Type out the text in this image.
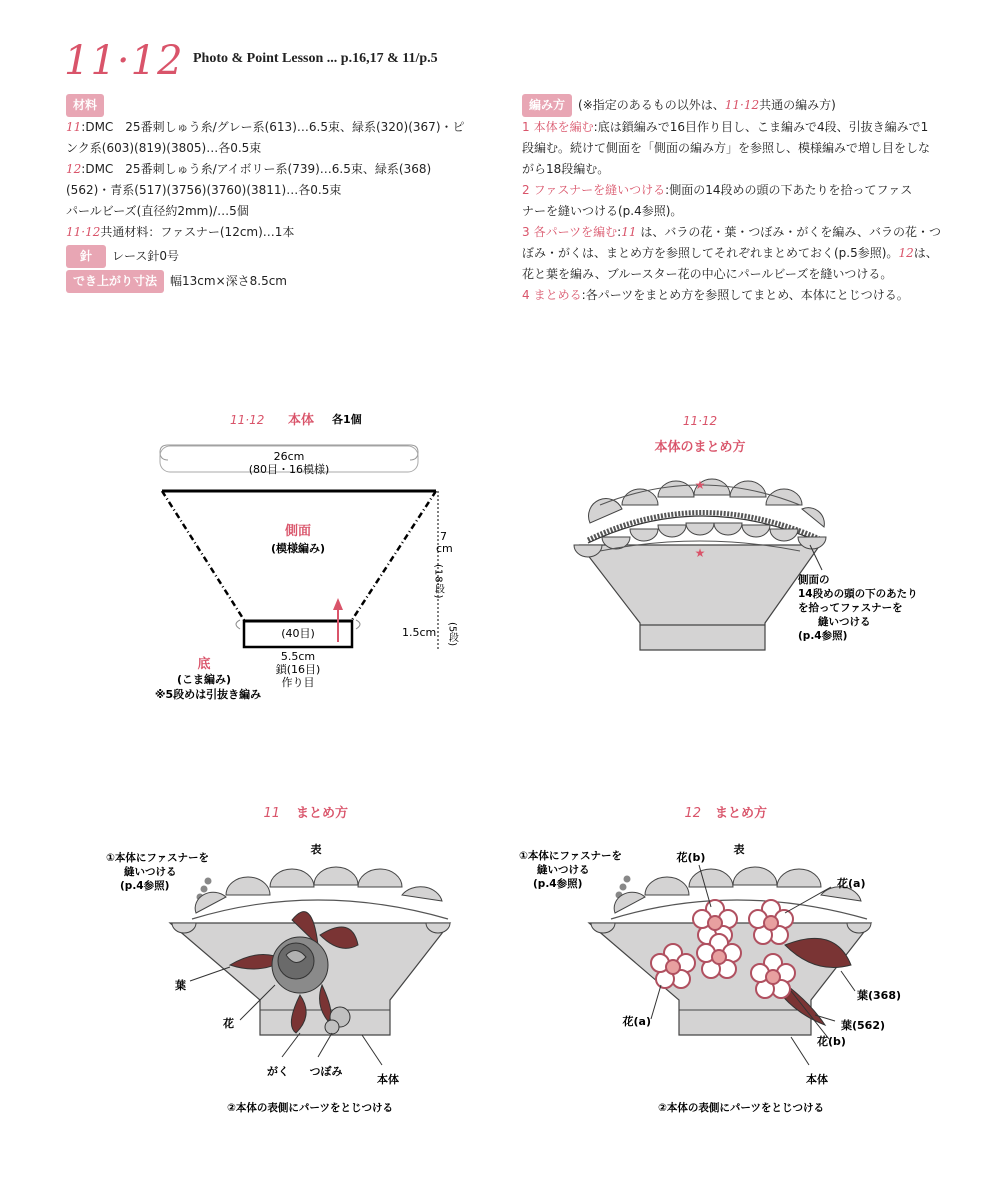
11·12 Photo & Point Lesson ... p.16,17 & 11/p.5
材料
11:DMC　25番刺しゅう糸/グレー系(613)…6.5束、緑系(320)(367)・ピ
ンク系(603)(819)(3805)…各0.5束
12:DMC　25番刺しゅう糸/アイボリー系(739)…6.5束、緑系(368)
(562)・青系(517)(3756)(3760)(3811)…各0.5束
パールビーズ(直径約2mm)/…5個
11·12共通材料：ファスナー(12cm)…1本
針 レース針0号
でき上がり寸法 幅13cm×深さ8.5cm
編み方 (※指定のあるもの以外は、11·12共通の編み方)
1 本体を編む:底は鎖編みで16目作り目し、こま編みで4段、引抜き編みで1
段編む。続けて側面を「側面の編み方」を参照し、模様編みで増し目をしな
がら18段編む。
2 ファスナーを縫いつける:側面の14段めの頭の下あたりを拾ってファス
ナーを縫いつける(p.4参照)。
3 各パーツを編む:11 は、バラの花・葉・つぼみ・がくを編み、バラの花・つ
ぼみ・がくは、まとめ方を参照してそれぞれまとめておく(p.5参照)。12は、
花と葉を編み、ブルースター花の中心にパールビーズを縫いつける。
4 まとめる:各パーツをまとめ方を参照してまとめ、本体にとじつける。
11·12 本体 各1個
26cm
(80目・16模様)
側面
(模様編み)
(40目)
7
cm
(18段)
1.5cm (5段)
5.5cm
鎖(16目)
作り目
底
(こま編み)
※5段めは引抜き編み
11·12
本体のまとめ方
★
★
側面の
14段めの頭の下のあたり
を拾ってファスナーを
縫いつける
(p.4参照)
11 まとめ方
①本体にファスナーを
縫いつける
(p.4参照)
表
葉
花
がく つぼみ
本体
②本体の表側にパーツをとじつける
12 まとめ方
①本体にファスナーを
縫いつける
(p.4参照)
表
花(b)
花(a)
葉(368)
葉(562)
花(b)
花(a)
本体
②本体の表側にパーツをとじつける
